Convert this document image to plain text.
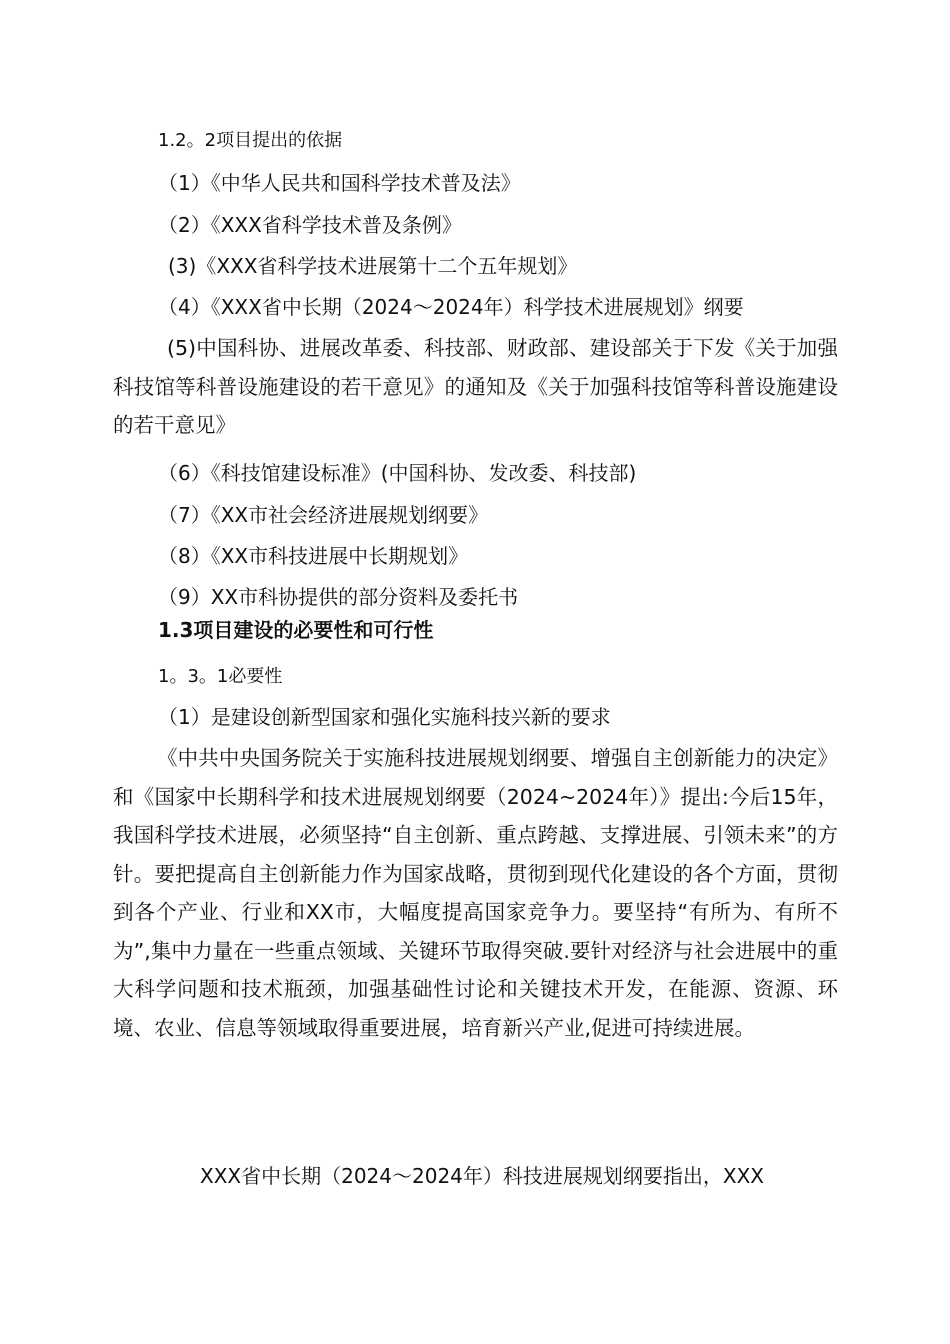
1.2。2项目提出的依据
（1）《中华人民共和国科学技术普及法》
（2）《XXX省科学技术普及条例》
(3)《XXX省科学技术进展第十二个五年规划》
（4）《XXX省中长期（2024～2024年）科学技术进展规划》纲要
(5)中国科协、进展改革委、科技部、财政部、建设部关于下发《关于加强科技馆等科普设施建设的若干意见》的通知及《关于加强科技馆等科普设施建设的若干意见》
（6）《科技馆建设标准》(中国科协、发改委、科技部)
（7）《XX市社会经济进展规划纲要》
（8）《XX市科技进展中长期规划》
（9）XX市科协提供的部分资料及委托书
1.3项目建设的必要性和可行性
1。3。1必要性
（1）是建设创新型国家和强化实施科技兴新的要求
《中共中央国务院关于实施科技进展规划纲要、增强自主创新能力的决定》和《国家中长期科学和技术进展规划纲要（2024~2024年）》提出:今后15年，我国科学技术进展，必须坚持“自主创新、重点跨越、支撑进展、引领未来”的方针。要把提高自主创新能力作为国家战略，贯彻到现代化建设的各个方面，贯彻到各个产业、行业和XX市，大幅度提高国家竞争力。要坚持“有所为、有所不为”,集中力量在一些重点领域、关键环节取得突破.要针对经济与社会进展中的重大科学问题和技术瓶颈，加强基础性讨论和关键技术开发，在能源、资源、环境、农业、信息等领域取得重要进展，培育新兴产业,促进可持续进展。
XXX省中长期（2024～2024年）科技进展规划纲要指出，XXX
